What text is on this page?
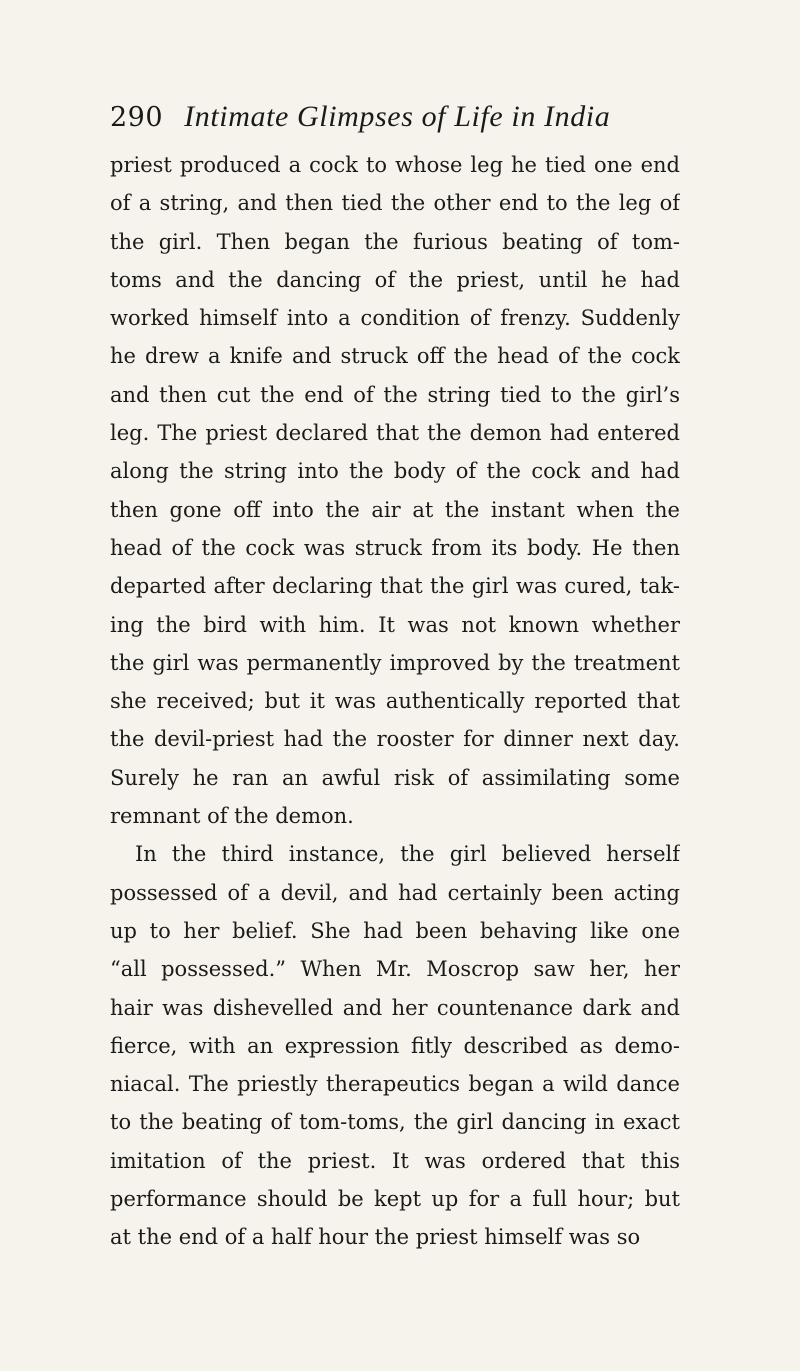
290 Intimate Glimpses of Life in India
priest produced a cock to whose leg he tied one end
of a string, and then tied the other end to the leg of
the girl. Then began the furious beating of tom-
toms and the dancing of the priest, until he had
worked himself into a condition of frenzy. Suddenly
he drew a knife and struck off the head of the cock
and then cut the end of the string tied to the girl’s
leg. The priest declared that the demon had entered
along the string into the body of the cock and had
then gone off into the air at the instant when the
head of the cock was struck from its body. He then
departed after declaring that the girl was cured, tak-
ing the bird with him. It was not known whether
the girl was permanently improved by the treatment
she received; but it was authentically reported that
the devil-priest had the rooster for dinner next day.
Surely he ran an awful risk of assimilating some
remnant of the demon.
In the third instance, the girl believed herself
possessed of a devil, and had certainly been acting
up to her belief. She had been behaving like one
“all possessed.” When Mr. Moscrop saw her, her
hair was dishevelled and her countenance dark and
fierce, with an expression fitly described as demo-
niacal. The priestly therapeutics began a wild dance
to the beating of tom-toms, the girl dancing in exact
imitation of the priest. It was ordered that this
performance should be kept up for a full hour; but
at the end of a half hour the priest himself was so
